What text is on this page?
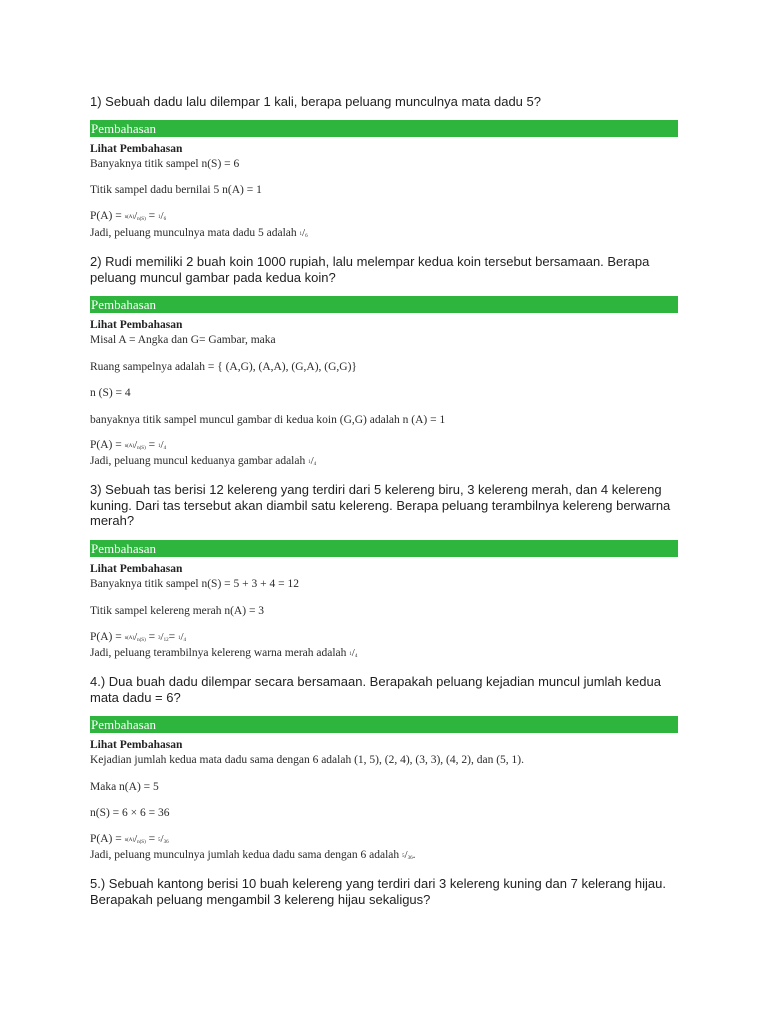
1) Sebuah dadu lalu dilempar 1 kali, berapa peluang munculnya mata dadu 5?

Pembahasan
Lihat Pembahasan
Banyaknya titik sampel n(S) = 6
Titik sampel dadu bernilai 5 n(A) = 1
P(A) = n(A)/n(S) = 1/6
Jadi, peluang munculnya mata dadu 5 adalah 1/6

2) Rudi memiliki 2 buah koin 1000 rupiah, lalu melempar kedua koin tersebut bersamaan. Berapa peluang muncul gambar pada kedua koin?

Pembahasan
Lihat Pembahasan
Misal A = Angka dan G= Gambar, maka
Ruang sampelnya adalah = { (A,G), (A,A), (G,A), (G,G)}
n (S) = 4
banyaknya titik sampel muncul gambar di kedua koin (G,G) adalah n (A) = 1
P(A) = n(A)/n(S) = 1/4
Jadi, peluang muncul keduanya gambar adalah 1/4

3) Sebuah tas berisi 12 kelereng yang terdiri dari 5 kelereng biru, 3 kelereng merah, dan 4 kelereng kuning. Dari tas tersebut akan diambil satu kelereng. Berapa peluang terambilnya kelereng berwarna merah?

Pembahasan
Lihat Pembahasan
Banyaknya titik sampel n(S) = 5 + 3 + 4 = 12
Titik sampel kelereng merah n(A) = 3
P(A) = n(A)/n(S) = 3/12= 1/4
Jadi, peluang terambilnya kelereng warna merah adalah 1/4

4.) Dua buah dadu dilempar secara bersamaan. Berapakah peluang kejadian muncul jumlah kedua mata dadu = 6?

Pembahasan
Lihat Pembahasan
Kejadian jumlah kedua mata dadu sama dengan 6 adalah (1, 5), (2, 4), (3, 3), (4, 2), dan (5, 1).
Maka n(A) = 5
n(S) = 6 × 6 = 36
P(A) = n(A)/n(S) = 5/36
Jadi, peluang munculnya jumlah kedua dadu sama dengan 6 adalah 5/36.

5.) Sebuah kantong berisi 10 buah kelereng yang terdiri dari 3 kelereng kuning dan 7 kelerang hijau. Berapakah peluang mengambil 3 kelereng hijau sekaligus?
